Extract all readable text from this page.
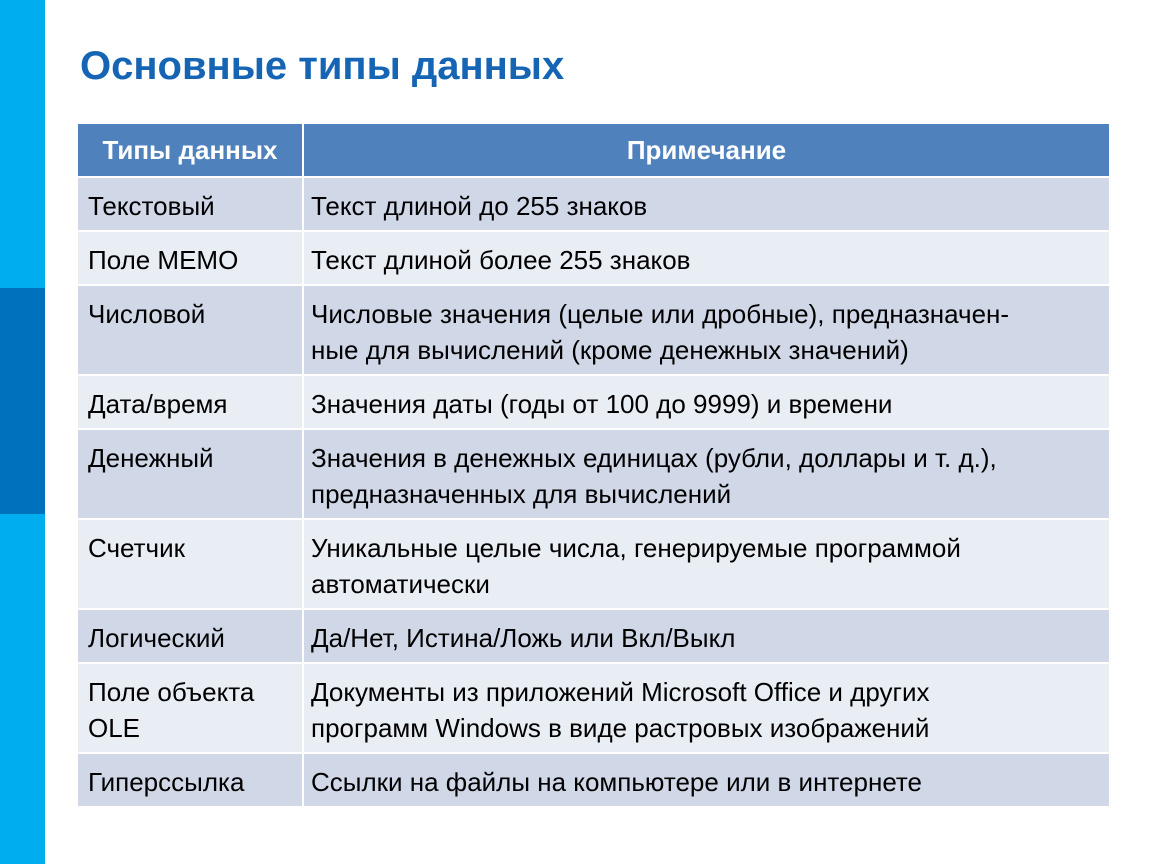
Основные типы данных
Типы данных	Примечание
Текстовый	Текст длиной до 255 знаков
Поле MEMO	Текст длиной более 255 знаков
Числовой	Числовые значения (целые или дробные), предназначен-
ные для вычислений (кроме денежных значений)
Дата/время	Значения даты (годы от 100 до 9999) и времени
Денежный	Значения в денежных единицах (рубли, доллары и т. д.),
предназначенных для вычислений
Счетчик	Уникальные целые числа, генерируемые программой
автоматически
Логический	Да/Нет, Истина/Ложь или Вкл/Выкл
Поле объекта
OLE	Документы из приложений Microsoft Office и других
программ Windows в виде растровых изображений
Гиперссылка	Ссылки на файлы на компьютере или в интернете
